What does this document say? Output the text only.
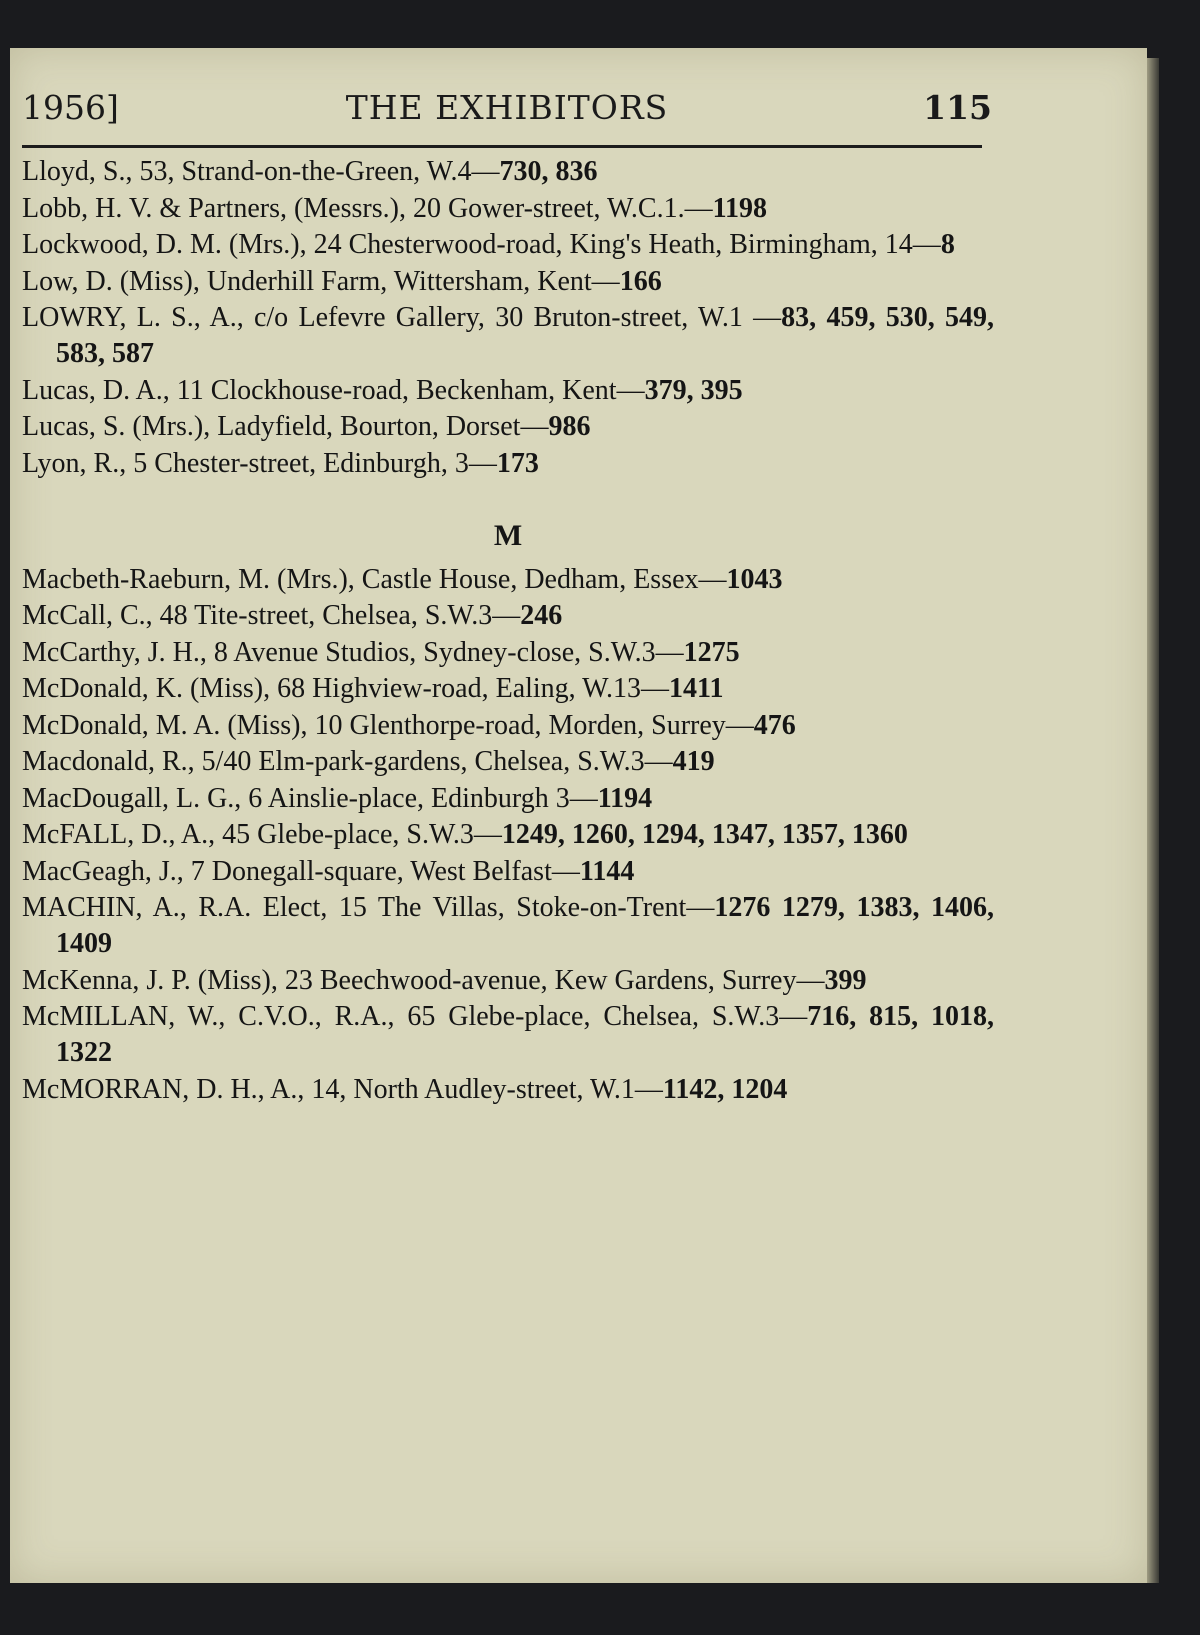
1956]	THE EXHIBITORS	115
Lloyd, S., 53, Strand-on-the-Green, W.4—730, 836
Lobb, H. V. & Partners, (Messrs.), 20 Gower-street, W.C.1.—1198
Lockwood, D. M. (Mrs.), 24 Chesterwood-road, King's Heath, Birmingham, 14—8
Low, D. (Miss), Underhill Farm, Wittersham, Kent—166
LOWRY, L. S., A., c/o Lefevre Gallery, 30 Bruton-street, W.1 —83, 459, 530, 549, 583, 587
Lucas, D. A., 11 Clockhouse-road, Beckenham, Kent—379, 395
Lucas, S. (Mrs.), Ladyfield, Bourton, Dorset—986
Lyon, R., 5 Chester-street, Edinburgh, 3—173
M
Macbeth-Raeburn, M. (Mrs.), Castle House, Dedham, Essex—1043
McCall, C., 48 Tite-street, Chelsea, S.W.3—246
McCarthy, J. H., 8 Avenue Studios, Sydney-close, S.W.3—1275
McDonald, K. (Miss), 68 Highview-road, Ealing, W.13—1411
McDonald, M. A. (Miss), 10 Glenthorpe-road, Morden, Surrey—476
Macdonald, R., 5/40 Elm-park-gardens, Chelsea, S.W.3—419
MacDougall, L. G., 6 Ainslie-place, Edinburgh 3—1194
McFALL, D., A., 45 Glebe-place, S.W.3—1249, 1260, 1294, 1347, 1357, 1360
MacGeagh, J., 7 Donegall-square, West Belfast—1144
MACHIN, A., R.A. Elect, 15 The Villas, Stoke-on-Trent—1276 1279, 1383, 1406, 1409
McKenna, J. P. (Miss), 23 Beechwood-avenue, Kew Gardens, Surrey—399
McMILLAN, W., C.V.O., R.A., 65 Glebe-place, Chelsea, S.W.3—716, 815, 1018, 1322
McMORRAN, D. H., A., 14, North Audley-street, W.1—1142, 1204
